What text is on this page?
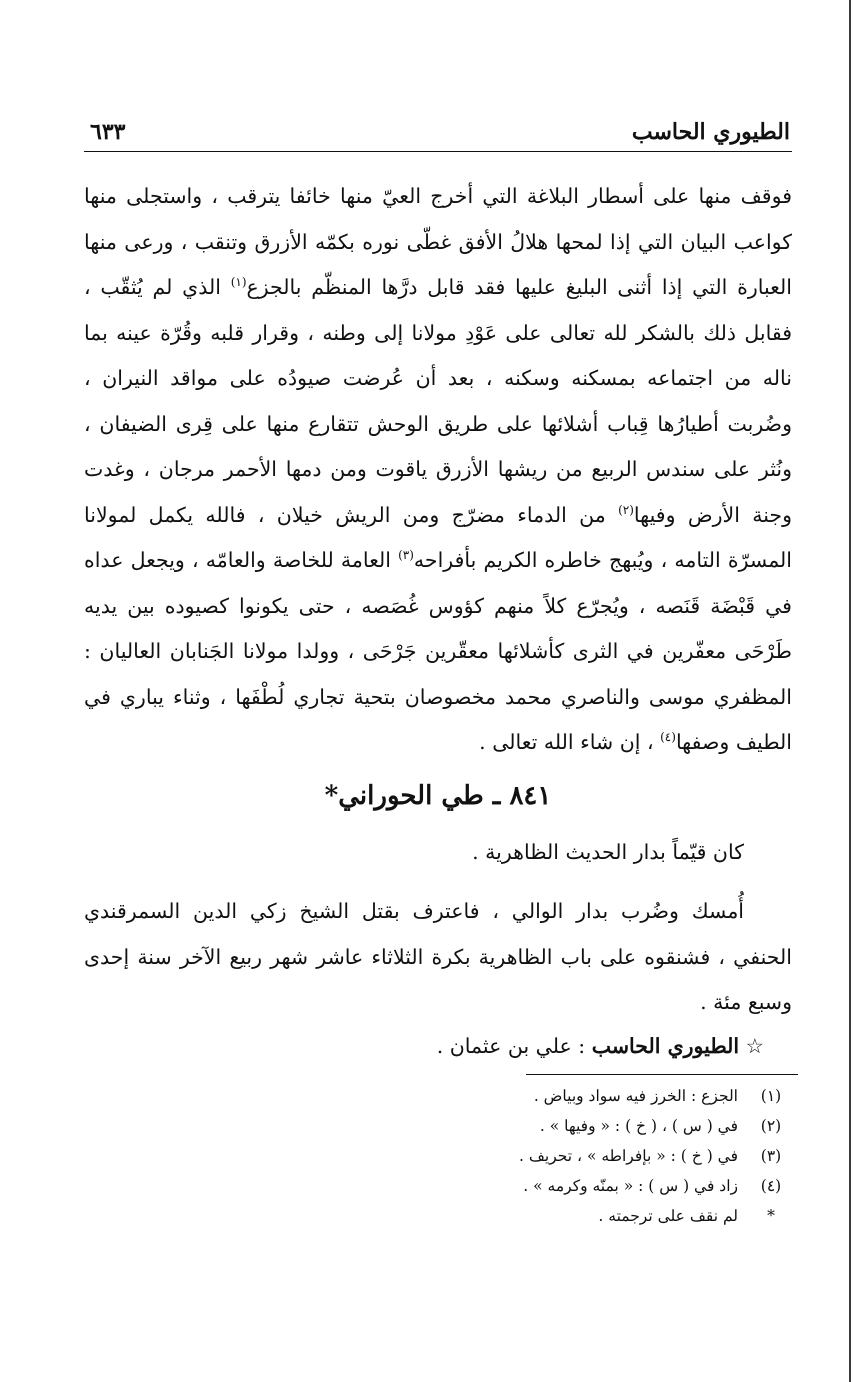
الطيوري الحاسب
٦٣٣

فوقف منها على أسطار البلاغة التي أخرج العيّ منها خائفا يترقب ، واستجلى منها كواعب البيان التي إذا لمحها هلالُ الأفق غطّى نوره بكمّه الأزرق وتنقب ، ورعى منها العبارة التي إذا أثنى البليغ عليها فقد قابل درَّها المنظّم بالجزع$^{(١)}$ الذي لم يُثقّب ، فقابل ذلك بالشكر لله تعالى على عَوْدِ مولانا إلى وطنه ، وقرار قلبه وقُرّة عينه بما ناله من اجتماعه بمسكنه وسكنه ، بعد أن عُرضت صيودُه على مواقد النيران ، وضُربت أطيارُها قِباب أشلائها على طريق الوحش تتقارع منها على قِرى الضيفان ، ونُثر على سندس الربيع من ريشها الأزرق ياقوت ومن دمها الأحمر مرجان ، وغدت وجنة الأرض وفيها$^{(٢)}$ من الدماء مضرّج ومن الريش خيلان ، فالله يكمل لمولانا المسرّة التامه ، ويُبهج خاطره الكريم بأفراحه$^{(٣)}$ العامة للخاصة والعامّه ، ويجعل عداه في قَبْضَة قَنَصه ، ويُجرّع كلاً منهم كؤوس غُصَصه ، حتى يكونوا كصيوده بين يديه طَرْحَى معفّرين في الثرى كأشلائها معقّرين جَرْحَى ، وولدا مولانا الجَنابان العاليان : المظفري موسى والناصري محمد مخصوصان بتحية تجاري لُطْفَها ، وثناء يباري في الطيف وصفها$^{(٤)}$ ، إن شاء الله تعالى .

٨٤١ ـ طي الحوراني*

كان قيّماً بدار الحديث الظاهرية .

أُمسك وضُرب بدار الوالي ، فاعترف بقتل الشيخ زكي الدين السمرقندي الحنفي ، فشنقوه على باب الظاهرية بكرة الثلاثاء عاشر شهر ربيع الآخر سنة إحدى وسبع مئة .

☆ الطيوري الحاسب : علي بن عثمان .
(١)
الجزع : الخرز فيه سواد وبياض .
(٢)
في ( س ) ، ( خ ) : « وفيها » .
(٣)
في ( خ ) : « بإفراطه » ، تحريف .
(٤)
زاد في ( س ) : « بمنّه وكرمه » .
*
لم نقف على ترجمته .
